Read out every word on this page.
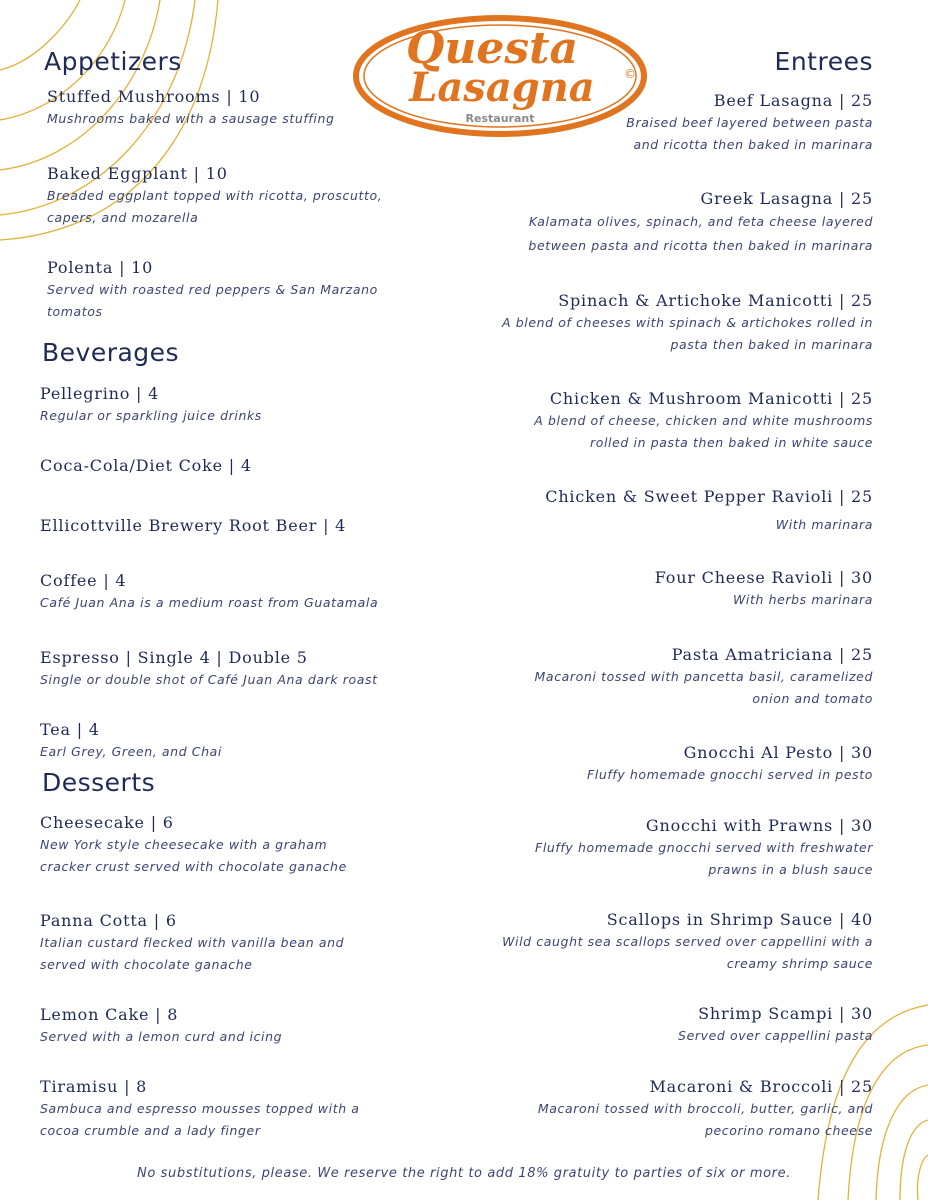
Questa
Lasagna
Restaurant
©
Appetizers
Stuffed Mushrooms | 10
Mushrooms baked with a sausage stuffing
Baked Eggplant | 10
Breaded eggplant topped with ricotta, proscutto, capers, and mozarella
Polenta | 10
Served with roasted red peppers & San Marzano tomatos
Beverages
Pellegrino | 4
Regular or sparkling juice drinks
Coca-Cola/Diet Coke | 4
Ellicottville Brewery Root Beer | 4
Coffee | 4
Café Juan Ana is a medium roast from Guatamala
Espresso | Single 4 | Double 5
Single or double shot of Café Juan Ana dark roast
Tea | 4
Earl Grey, Green, and Chai
Desserts
Cheesecake | 6
New York style cheesecake with a graham cracker crust served with chocolate ganache
Panna Cotta | 6
Italian custard flecked with vanilla bean and served with chocolate ganache
Lemon Cake | 8
Served with a lemon curd and icing
Tiramisu | 8
Sambuca and espresso mousses topped with a cocoa crumble and a lady finger
Entrees
Beef Lasagna | 25
Braised beef layered between pasta and ricotta then baked in marinara
Greek Lasagna | 25
Kalamata olives, spinach, and feta cheese layered between pasta and ricotta then baked in marinara
Spinach & Artichoke Manicotti | 25
A blend of cheeses with spinach & artichokes rolled in pasta then baked in marinara
Chicken & Mushroom Manicotti | 25
A blend of cheese, chicken and white mushrooms rolled in pasta then baked in white sauce
Chicken & Sweet Pepper Ravioli | 25
With marinara
Four Cheese Ravioli | 30
With herbs marinara
Pasta Amatriciana | 25
Macaroni tossed with pancetta basil, caramelized onion and tomato
Gnocchi Al Pesto | 30
Fluffy homemade gnocchi served in pesto
Gnocchi with Prawns | 30
Fluffy homemade gnocchi served with freshwater prawns in a blush sauce
Scallops in Shrimp Sauce | 40
Wild caught sea scallops served over cappellini with a creamy shrimp sauce
Shrimp Scampi | 30
Served over cappellini pasta
Macaroni & Broccoli | 25
Macaroni tossed with broccoli, butter, garlic, and pecorino romano cheese
No substitutions, please. We reserve the right to add 18% gratuity to parties of six or more.
